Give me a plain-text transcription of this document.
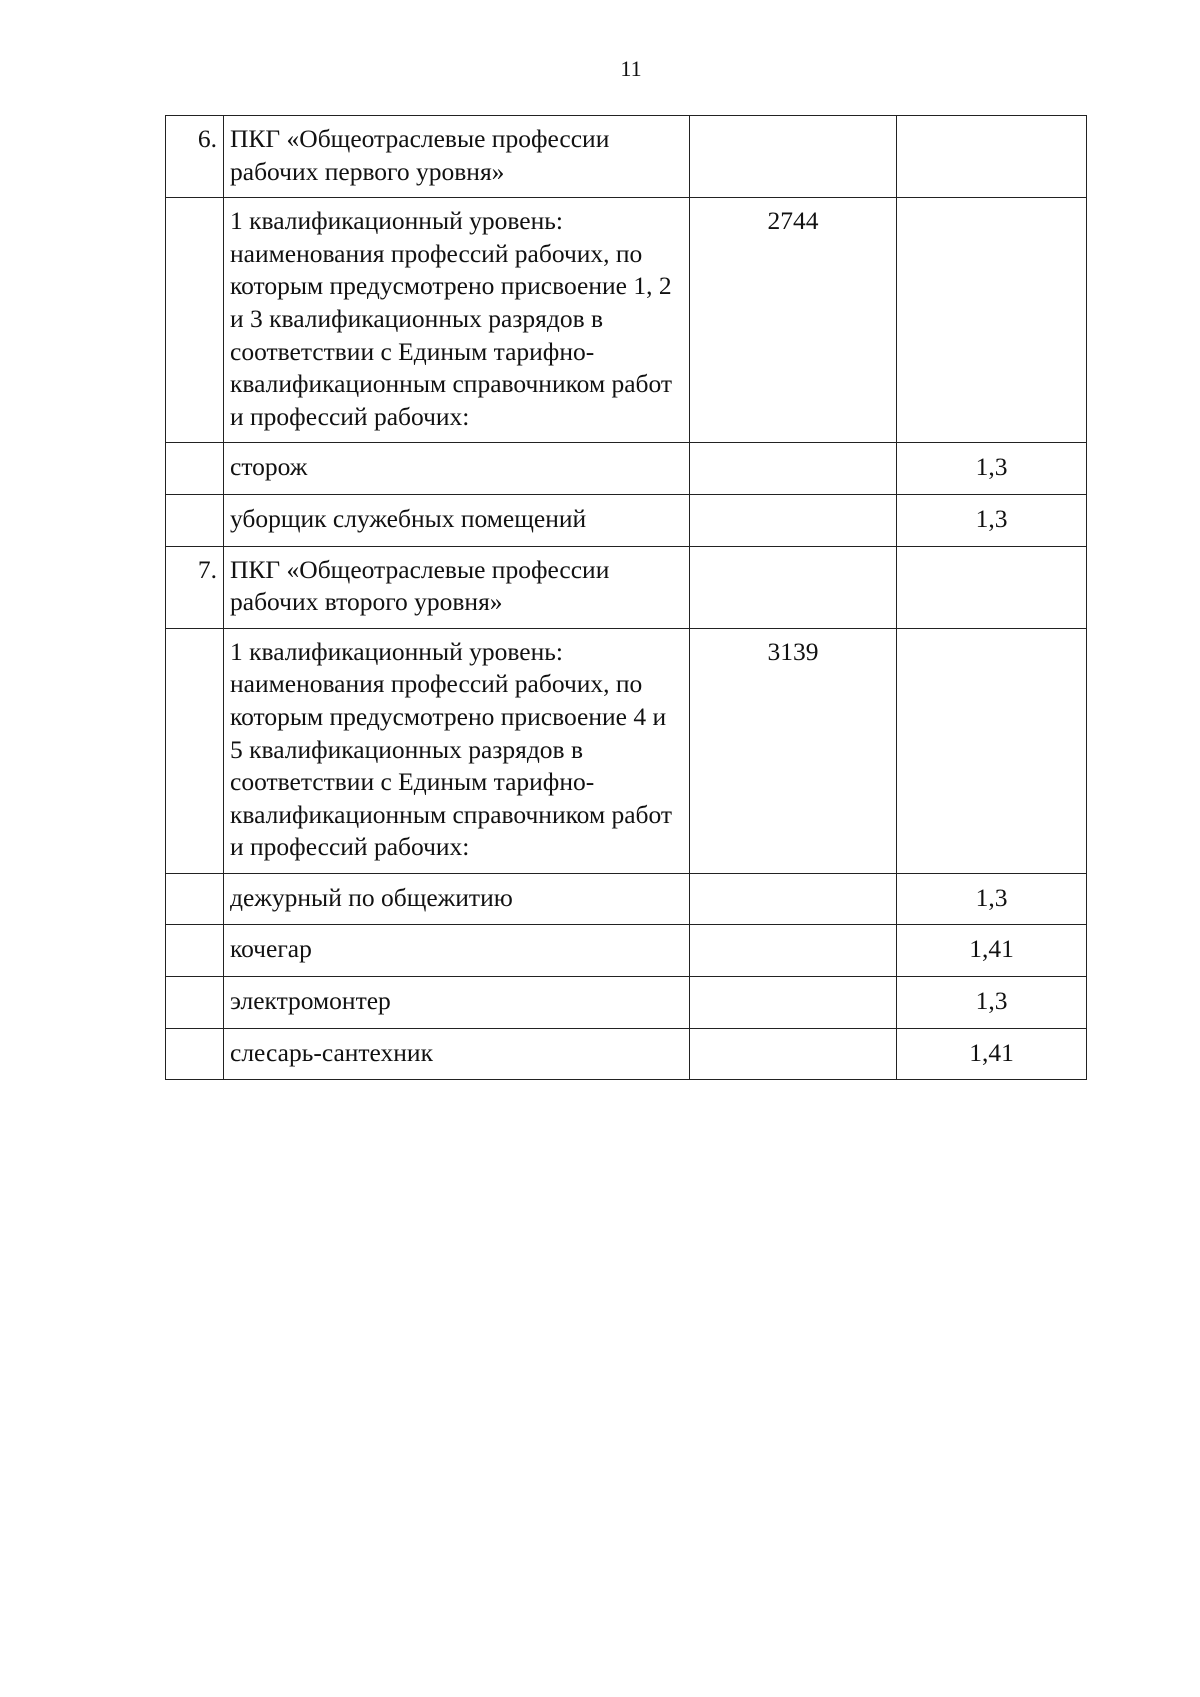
11
6.	ПКГ «Общеотраслевые профессии рабочих первого уровня»		
	1 квалификационный уровень: наименования профессий рабочих, по которым предусмотрено присвоение 1, 2 и 3 квалификационных разрядов в соответствии с Единым тарифно-квалификационным справочником работ и профессий рабочих:	2744	
	сторож		1,3
	уборщик служебных помещений		1,3
7.	ПКГ «Общеотраслевые профессии рабочих второго уровня»		
	1 квалификационный уровень: наименования профессий рабочих, по которым предусмотрено присвоение 4 и 5 квалификационных разрядов в соответствии с Единым тарифно-квалификационным справочником работ и профессий рабочих:	3139	
	дежурный по общежитию		1,3
	кочегар		1,41
	электромонтер		1,3
	слесарь-сантехник		1,41
